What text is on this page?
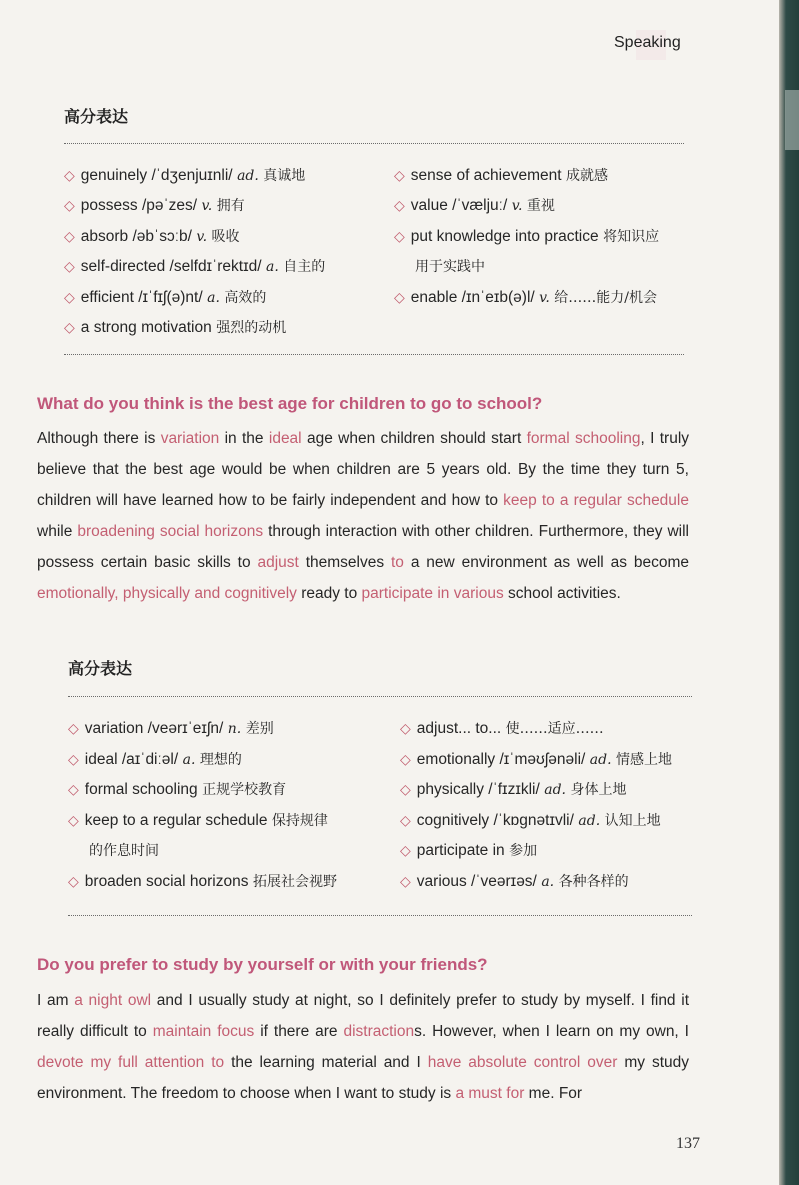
Speaking
高分表达
◇ genuinely /ˈdʒenjuɪnli/ ad. 真诚地
◇ possess /pəˈzes/ v. 拥有
◇ absorb /əbˈsɔːb/ v. 吸收
◇ self-directed /selfdɪˈrektɪd/ a. 自主的
◇ efficient /ɪˈfɪʃ(ə)nt/ a. 高效的
◇ a strong motivation 强烈的动机
◇ sense of achievement 成就感
◇ value /ˈvæljuː/ v. 重视
◇ put knowledge into practice 将知识应
用于实践中
◇ enable /ɪnˈeɪb(ə)l/ v. 给……能力/机会
What do you think is the best age for children to go to school?
Although there is variation in the ideal age when children should start formal schooling, I truly believe that the best age would be when children are 5 years old. By the time they turn 5, children will have learned how to be fairly independent and how to keep to a regular schedule while broadening social horizons through interaction with other children. Furthermore, they will possess certain basic skills to adjust themselves to a new environment as well as become emotionally, physically and cognitively ready to participate in various school activities.
高分表达
◇ variation /veərɪˈeɪʃn/ n. 差别
◇ ideal /aɪˈdiːəl/ a. 理想的
◇ formal schooling 正规学校教育
◇ keep to a regular schedule 保持规律
的作息时间
◇ broaden social horizons 拓展社会视野
◇ adjust... to... 使……适应……
◇ emotionally /ɪˈməʊʃənəli/ ad. 情感上地
◇ physically /ˈfɪzɪkli/ ad. 身体上地
◇ cognitively /ˈkɒgnətɪvli/ ad. 认知上地
◇ participate in 参加
◇ various /ˈveərɪəs/ a. 各种各样的
Do you prefer to study by yourself or with your friends?
I am a night owl and I usually study at night, so I definitely prefer to study by myself. I find it really difficult to maintain focus if there are distractions. However, when I learn on my own, I devote my full attention to the learning material and I have absolute control over my study environment. The freedom to choose when I want to study is a must for me. For
137
